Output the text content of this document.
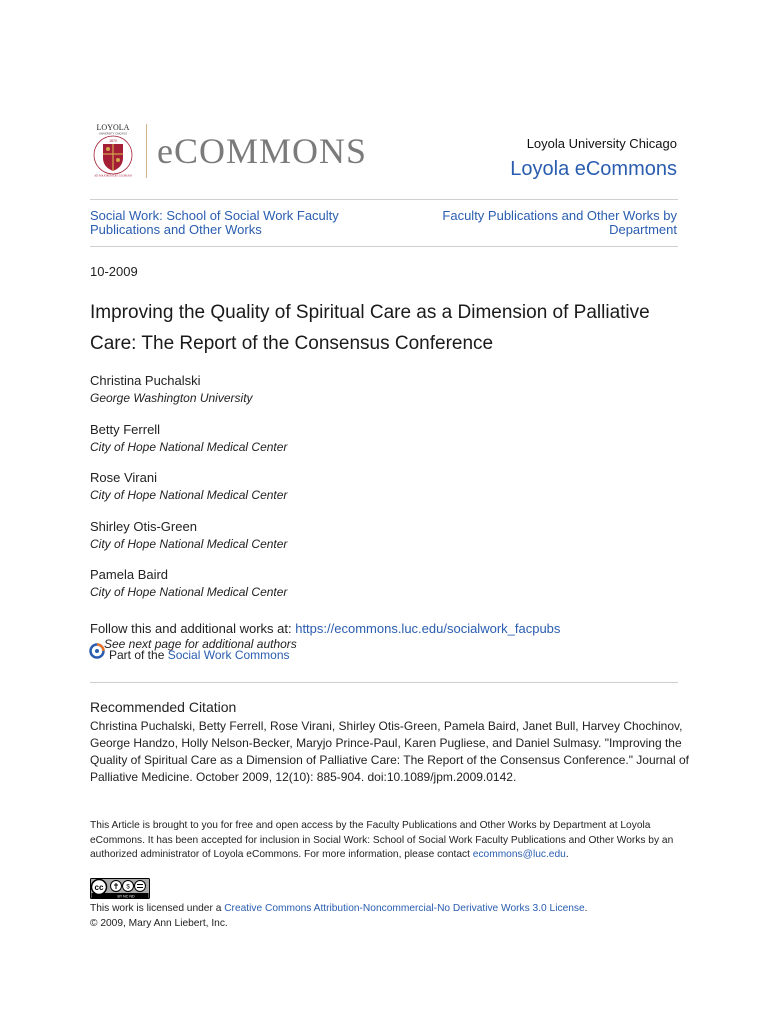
LOYOLA
UNIVERSITY CHICAGO
1870
AD MAJOREM DEI GLORIAM
eCOMMONS	Loyola University Chicago
Loyola eCommons
Social Work: School of Social Work Faculty Publications and Other Works
Faculty Publications and Other Works by Department
10-2009
Improving the Quality of Spiritual Care as a Dimension of Palliative Care: The Report of the Consensus Conference
Christina Puchalski
George Washington University
Betty Ferrell
City of Hope National Medical Center
Rose Virani
City of Hope National Medical Center
Shirley Otis-Green
City of Hope National Medical Center
Pamela Baird
City of Hope National Medical Center
Follow this and additional works at: https://ecommons.luc.edu/socialwork_facpubs
See next page for additional authors
Part of the Social Work Commons
Recommended Citation
Christina Puchalski, Betty Ferrell, Rose Virani, Shirley Otis-Green, Pamela Baird, Janet Bull, Harvey Chochinov, George Handzo, Holly Nelson-Becker, Maryjo Prince-Paul, Karen Pugliese, and Daniel Sulmasy. "Improving the Quality of Spiritual Care as a Dimension of Palliative Care: The Report of the Consensus Conference." Journal of Palliative Medicine. October 2009, 12(10): 885-904. doi:10.1089/jpm.2009.0142.
This Article is brought to you for free and open access by the Faculty Publications and Other Works by Department at Loyola eCommons. It has been accepted for inclusion in Social Work: School of Social Work Faculty Publications and Other Works by an authorized administrator of Loyola eCommons. For more information, please contact ecommons@luc.edu.
cc	$
BY NC ND
This work is licensed under a Creative Commons Attribution-Noncommercial-No Derivative Works 3.0 License.
© 2009, Mary Ann Liebert, Inc.
